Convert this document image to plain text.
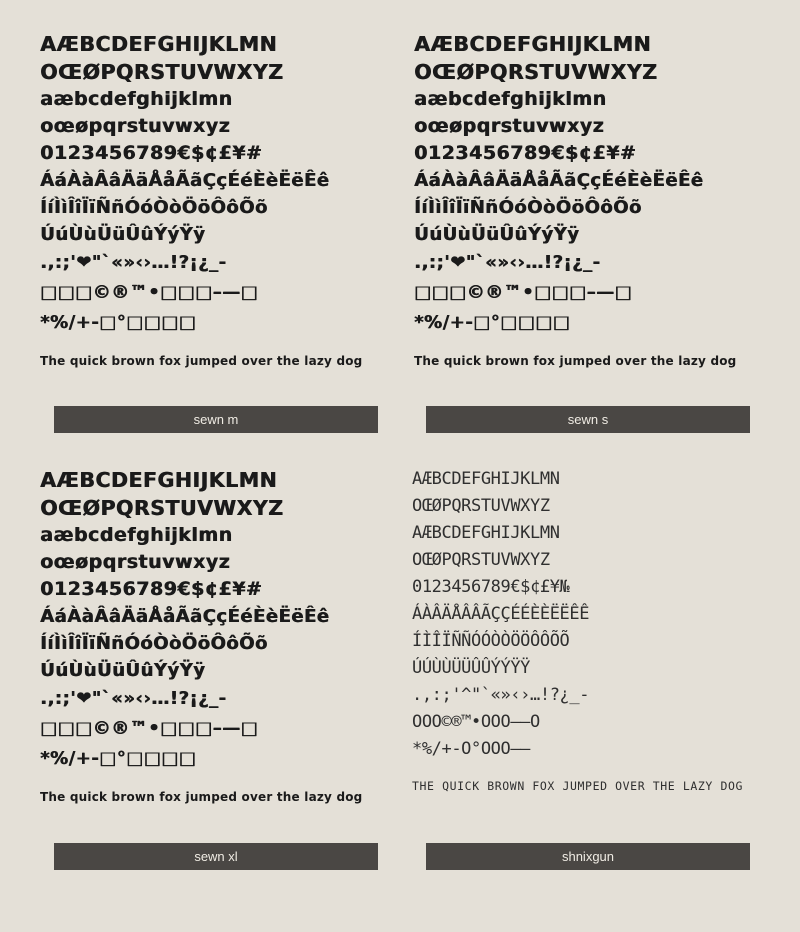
AÆBCDEFGHIJKLMN
OŒØPQRSTUVWXYZ
aæbcdefghijklmn
oœøpqrstuvwxyz
0123456789€$¢£¥#
ÁáÀàÂâÄäÅåÃãÇçÉéÈèËëÊê
ÍíÌìÎîÏïÑñÓóÒòÖöÔôÕõ
ÚúÙùÜüÛûÝýŸÿ
.,:;'❤"`«»‹›…!?¡¿_-
□□□©®™•□□□–—□
*%/+-□°□□□□
The quick brown fox jumped over the lazy dog
AÆBCDEFGHIJKLMN
OŒØPQRSTUVWXYZ
aæbcdefghijklmn
oœøpqrstuvwxyz
0123456789€$¢£¥#
ÁáÀàÂâÄäÅåÃãÇçÉéÈèËëÊê
ÍíÌìÎîÏïÑñÓóÒòÖöÔôÕõ
ÚúÙùÜüÛûÝýŸÿ
.,:;'❤"`«»‹›…!?¡¿_-
□□□©®™•□□□–—□
*%/+-□°□□□□
The quick brown fox jumped over the lazy dog
AÆBCDEFGHIJKLMN
OŒØPQRSTUVWXYZ
aæbcdefghijklmn
oœøpqrstuvwxyz
0123456789€$¢£¥#
ÁáÀàÂâÄäÅåÃãÇçÉéÈèËëÊê
ÍíÌìÎîÏïÑñÓóÒòÖöÔôÕõ
ÚúÙùÜüÛûÝýŸÿ
.,:;'❤"`«»‹›…!?¡¿_-
□□□©®™•□□□–—□
*%/+-□°□□□□
The quick brown fox jumped over the lazy dog
AÆBCDEFGHIJKLMN
OŒØPQRSTUVWXYZ
AÆBCDEFGHIJKLMN
OŒØPQRSTUVWXYZ
0123456789€$¢£¥№
ÁÀÂÄÅÂÂÃÇÇÉÉÈÈËËÊÊ
ÍÌÎÏÑÑÓÓÒÒÖÖÔÔÕÕ
ÚÚÙÙÜÜÛÛÝÝŸŸ
.,:;'^"`«»‹›…!?¿_-
OOO©®™•OOO–—O
*%/+-O°OOO——
THE QUICK BROWN FOX JUMPED OVER THE LAZY DOG
sewn m	sewn s
sewn xl	shnixgun
